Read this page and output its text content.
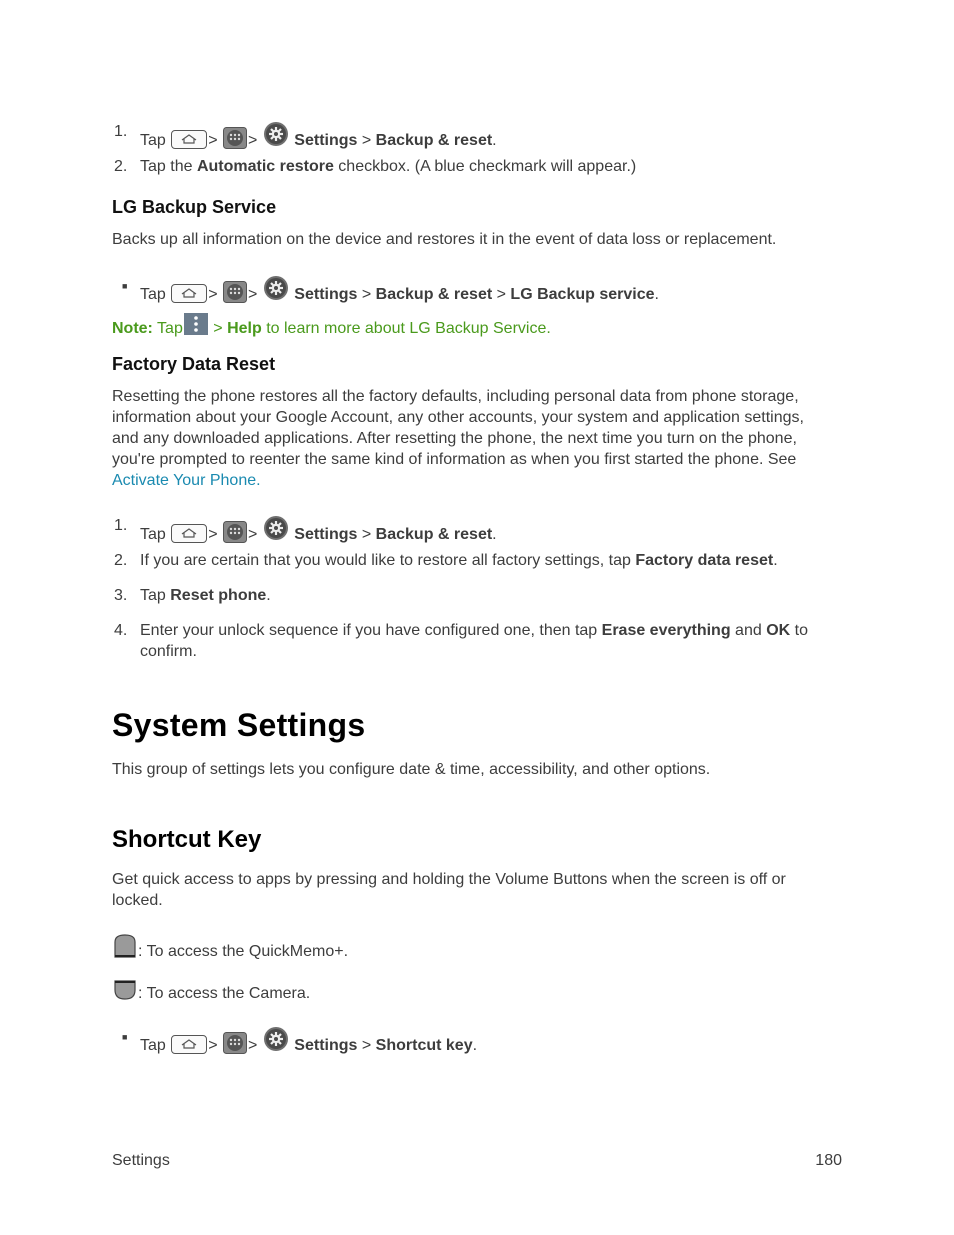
1.
Tap	> > Settings > Backup & reset.
2. Tap the Automatic restore checkbox. (A blue checkmark will appear.)
LG Backup Service
Backs up all information on the device and restores it in the event of data loss or replacement.
■ Tap	> > Settings > Backup & reset > LG Backup service.
Note: Tap > Help to learn more about LG Backup Service.
Factory Data Reset
Resetting the phone restores all the factory defaults, including personal data from phone storage, information about your Google Account, any other accounts, your system and application settings, and any downloaded applications. After resetting the phone, the next time you turn on the phone, you're prompted to reenter the same kind of information as when you first started the phone. See Activate Your Phone.
1.
Tap	> > Settings > Backup & reset.
2. If you are certain that you would like to restore all factory settings, tap Factory data reset.
3. Tap Reset phone.
4. Enter your unlock sequence if you have configured one, then tap Erase everything and OK to
confirm.
System Settings
This group of settings lets you configure date & time, accessibility, and other options.
Shortcut Key
Get quick access to apps by pressing and holding the Volume Buttons when the screen is off or locked.
: To access the QuickMemo+.
: To access the Camera.
■ Tap	> > Settings > Shortcut key.
Settings	180
